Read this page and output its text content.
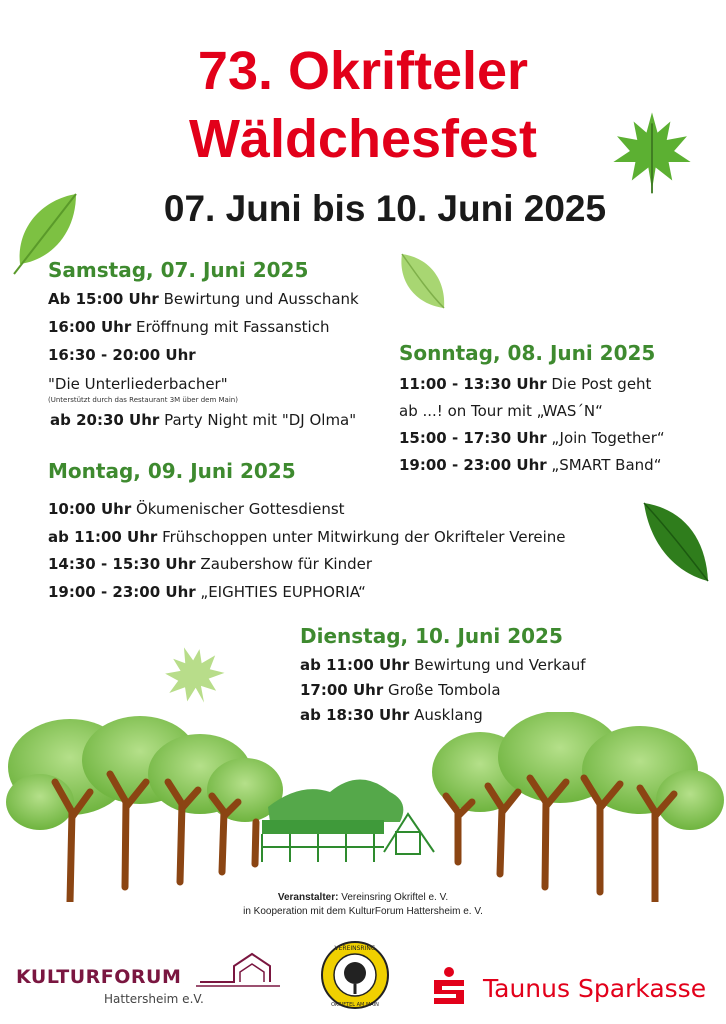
73. Okrifteler
Wäldchesfest
07. Juni bis 10. Juni 2025
Samstag, 07. Juni 2025
Ab 15:00 Uhr Bewirtung und Ausschank
16:00 Uhr Eröffnung mit Fassanstich
16:30 - 20:00 Uhr
"Die Unterliederbacher"
(Unterstützt durch das Restaurant 3M über dem Main)
ab 20:30 Uhr Party Night mit "DJ Olma"
Sonntag, 08. Juni 2025
11:00 - 13:30 Uhr Die Post geht
ab ...! on Tour mit „WAS´N“
15:00 - 17:30 Uhr „Join Together“
19:00 - 23:00 Uhr „SMART Band“
Montag, 09. Juni 2025
10:00 Uhr Ökumenischer Gottesdienst
ab 11:00 Uhr Frühschoppen unter Mitwirkung der Okrifteler Vereine
14:30 - 15:30 Uhr Zaubershow für Kinder
19:00 - 23:00 Uhr „EIGHTIES EUPHORIA“
Dienstag, 10. Juni 2025
ab 11:00 Uhr Bewirtung und Verkauf
17:00 Uhr Große Tombola
ab 18:30 Uhr Ausklang
Veranstalter: Vereinsring Okriftel e. V.
in Kooperation mit dem KulturForum Hattersheim e. V.
KULTURFORUM
Hattersheim e.V.
VEREINSRING
OKRIFTEL AM MAIN
Taunus Sparkasse
